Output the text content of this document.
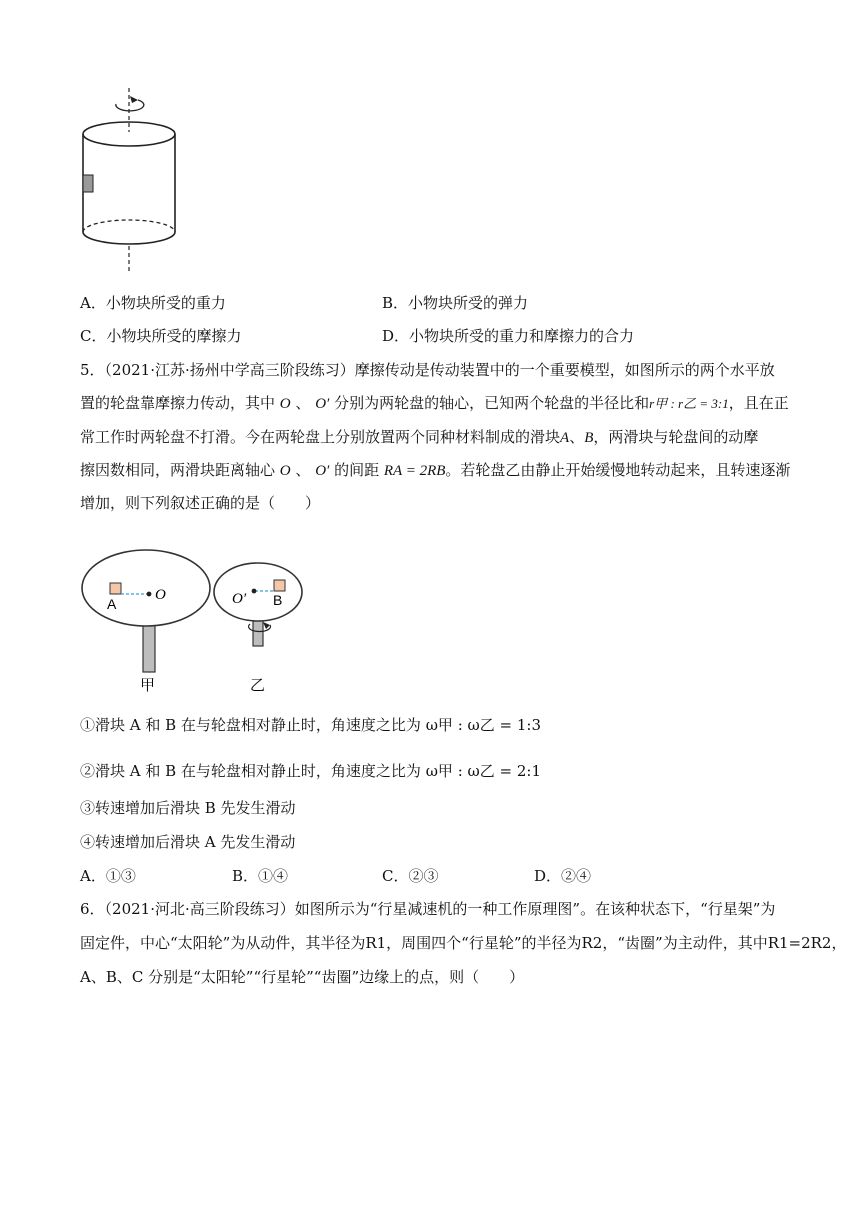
A．小物块所受的重力	B．小物块所受的弹力
C．小物块所受的摩擦力	D．小物块所受的重力和摩擦力的合力
5．（2021·江苏·扬州中学高三阶段练习）摩擦传动是传动装置中的一个重要模型，如图所示的两个水平放
置的轮盘靠摩擦力传动，其中 O 、 O′ 分别为两轮盘的轴心，已知两个轮盘的半径比和r甲 : r乙 = 3:1，且在正
常工作时两轮盘不打滑。今在两轮盘上分别放置两个同种材料制成的滑块A、B，两滑块与轮盘间的动摩
擦因数相同，两滑块距离轴心 O 、 O′ 的间距 RA = 2RB。若轮盘乙由静止开始缓慢地转动起来，且转速逐渐
增加，则下列叙述正确的是（　　）
A
O	O′ B
甲	乙
①滑块 A 和 B 在与轮盘相对静止时，角速度之比为 ω甲 : ω乙 = 1:3
②滑块 A 和 B 在与轮盘相对静止时，角速度之比为 ω甲 : ω乙 = 2:1
③转速增加后滑块 B 先发生滑动
④转速增加后滑块 A 先发生滑动
A．①③	B．①④	C．②③	D．②④
6．（2021·河北·高三阶段练习）如图所示为“行星减速机的一种工作原理图”。在该种状态下，“行星架”为
固定件，中心“太阳轮”为从动件，其半径为R1，周围四个“行星轮”的半径为R2，“齿圈”为主动件，其中R1=2R2，
A、B、C 分别是“太阳轮”“行星轮”“齿圈”边缘上的点，则（　　）
